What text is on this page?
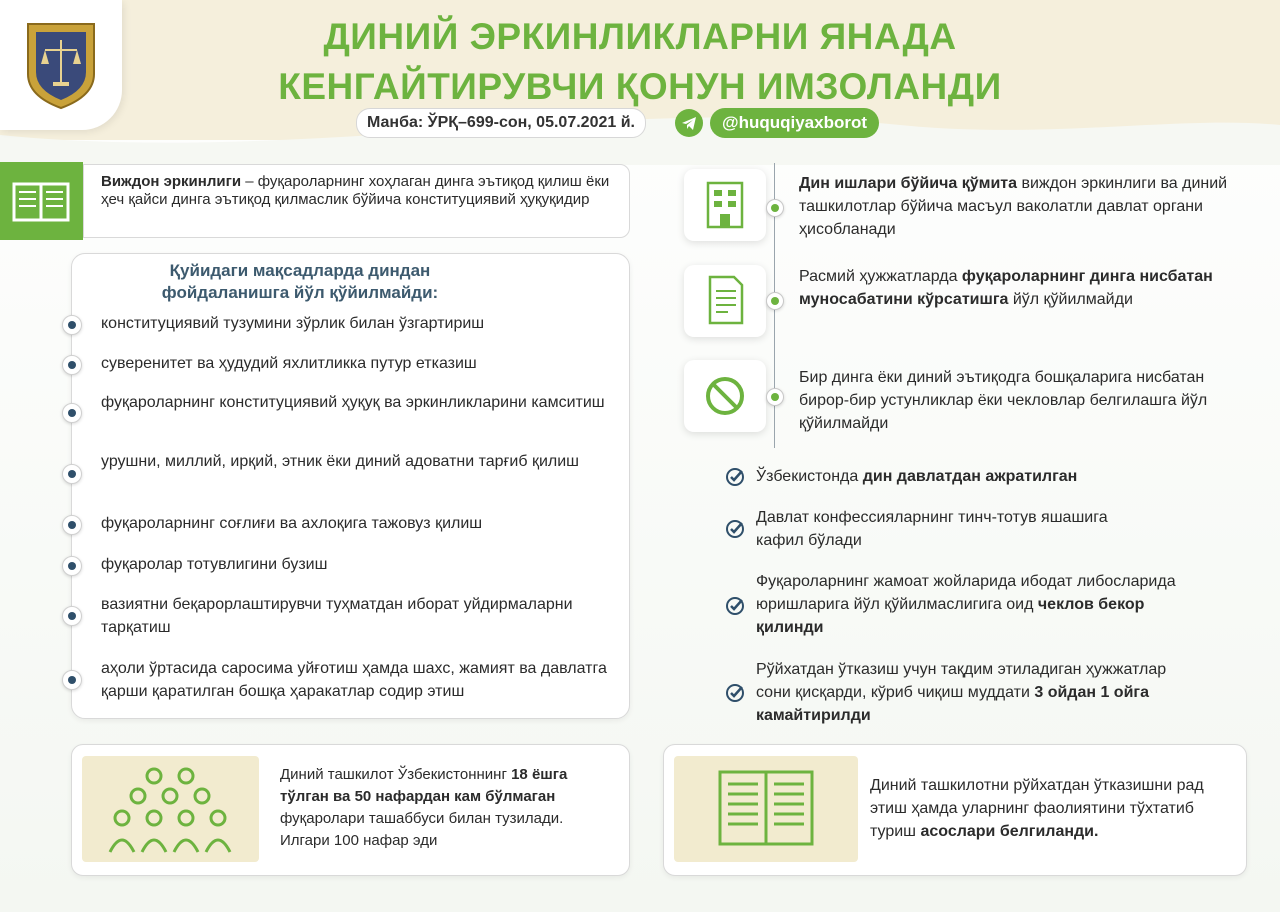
ДИНИЙ ЭРКИНЛИКЛАРНИ ЯНАДА
КЕНГАЙТИРУВЧИ ҚОНУН ИМЗОЛАНДИ
Манба: ЎРҚ–699-сон, 05.07.2021 й.	@huquqiyaxborot
Виждон эркинлиги – фуқароларнинг хоҳлаган динга эътиқод қилиш ёки ҳеч қайси динга эътиқод қилмаслик бўйича конституциявий ҳуқуқидир
Қуйидаги мақсадларда диндан фойдаланишга йўл қўйилмайди:
конституциявий тузумини зўрлик билан ўзгартириш
суверенитет ва ҳудудий яхлитликка путур етказиш
фуқароларнинг конституциявий ҳуқуқ ва эркинликларини камситиш
урушни, миллий, ирқий, этник ёки диний адоватни тарғиб қилиш
фуқароларнинг соғлиғи ва ахлоқига тажовуз қилиш
фуқаролар тотувлигини бузиш
вазиятни беқарорлаштирувчи туҳматдан иборат уйдирмаларни тарқатиш
аҳоли ўртасида саросима уйғотиш ҳамда шахс, жамият ва давлатга қарши қаратилган бошқа ҳаракатлар содир этиш
Дин ишлари бўйича қўмита виждон эркинлиги ва диний ташкилотлар бўйича масъул ваколатли давлат органи ҳисобланади
Расмий ҳужжатларда фуқароларнинг динга нисбатан муносабатини кўрсатишга йўл қўйилмайди
Бир динга ёки диний эътиқодга бошқаларига нисбатан бирор-бир устунликлар ёки чекловлар белгилашга йўл қўйилмайди
Ўзбекистонда дин давлатдан ажратилган
Давлат конфессияларнинг тинч-тотув яшашига кафил бўлади
Фуқароларнинг жамоат жойларида ибодат либосларида юришларига йўл қўйилмаслигига оид чеклов бекор қилинди
Рўйхатдан ўтказиш учун тақдим этиладиган ҳужжатлар сони қисқарди, кўриб чиқиш муддати 3 ойдан 1 ойга камайтирилди
Диний ташкилот Ўзбекистоннинг 18 ёшга тўлган ва 50 нафардан кам бўлмаган фуқаролари ташаббуси билан тузилади. Илгари 100 нафар эди
Диний ташкилотни рўйхатдан ўтказишни рад этиш ҳамда уларнинг фаолиятини тўхтатиб туриш асослари белгиланди.
